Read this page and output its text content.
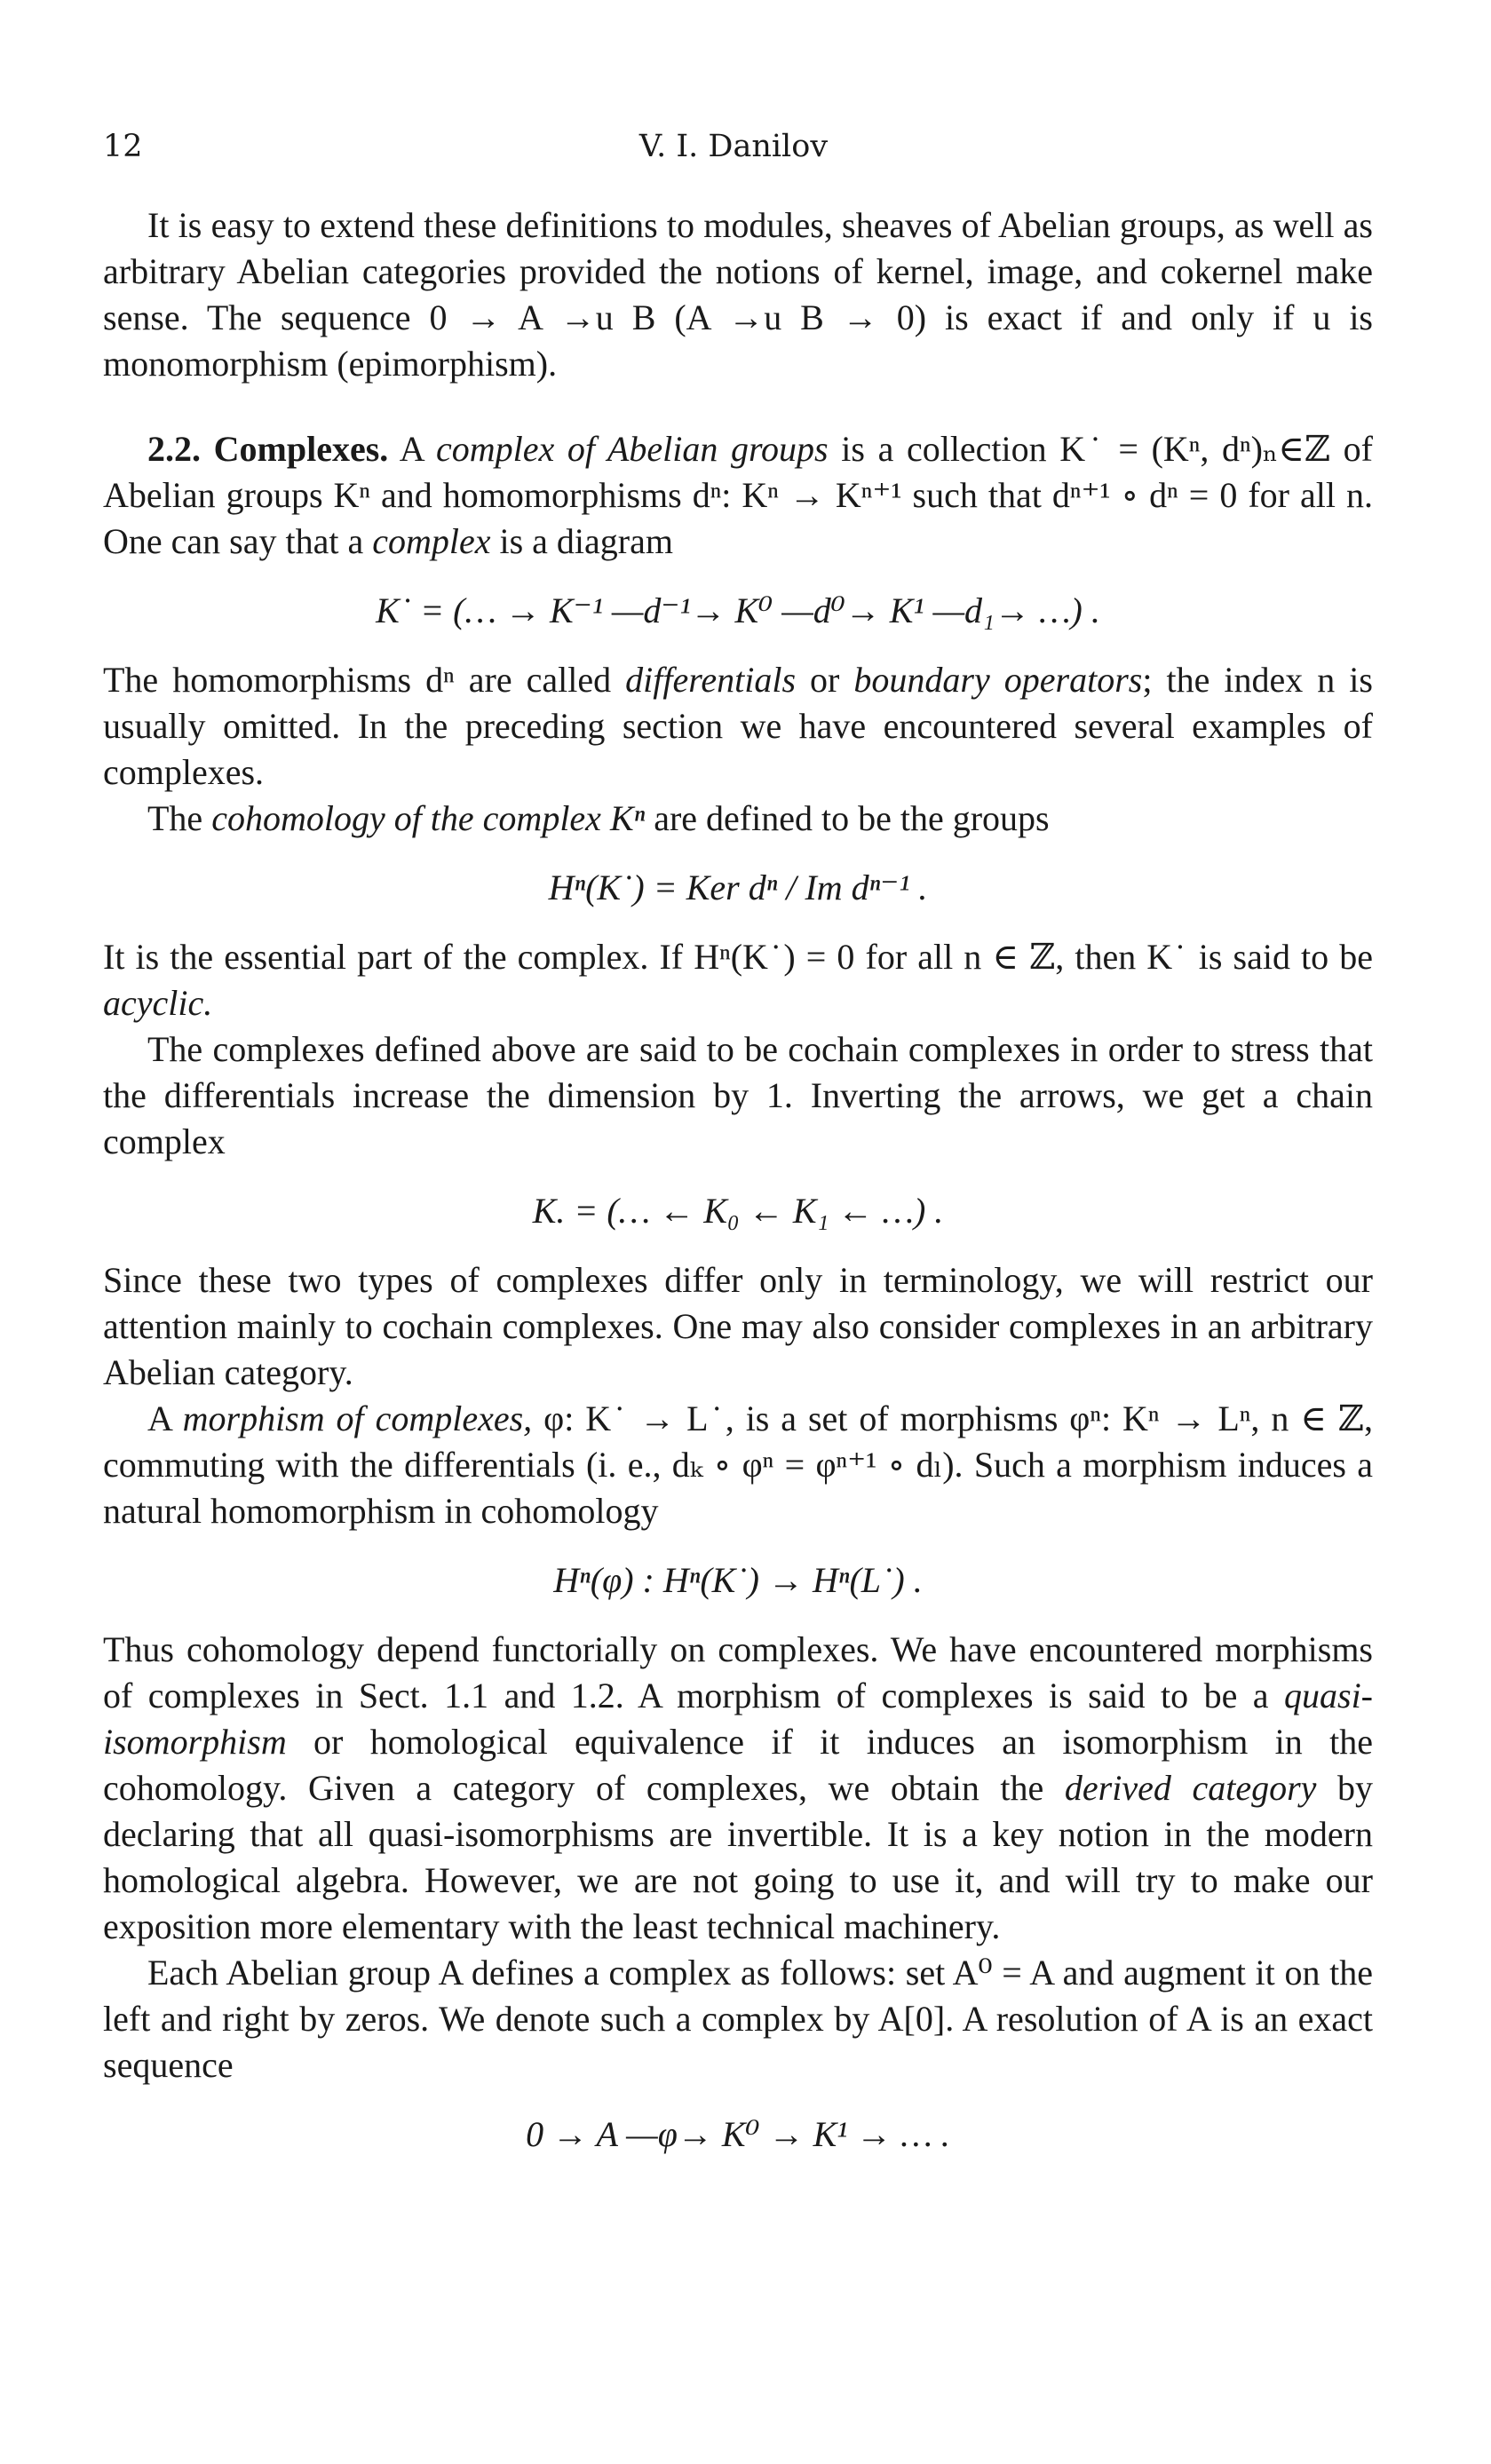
12	V. I. Danilov

It is easy to extend these definitions to modules, sheaves of Abelian groups, as well as arbitrary Abelian categories provided the notions of kernel, image, and cokernel make sense. The sequence 0 → A →u B (A →u B → 0) is exact if and only if u is monomorphism (epimorphism).

2.2. Complexes. A complex of Abelian groups is a collection K˙ = (Kⁿ, dⁿ)ₙ∈ℤ of Abelian groups Kⁿ and homomorphisms dⁿ: Kⁿ → Kⁿ⁺¹ such that dⁿ⁺¹ ∘ dⁿ = 0 for all n. One can say that a complex is a diagram

K˙ = (… → K⁻¹ —d⁻¹→ K⁰ —d⁰→ K¹ —d₁→ …) .

The homomorphisms dⁿ are called differentials or boundary operators; the index n is usually omitted. In the preceding section we have encountered several examples of complexes.

The cohomology of the complex Kⁿ are defined to be the groups

Hⁿ(K˙) = Ker dⁿ / Im dⁿ⁻¹ .

It is the essential part of the complex. If Hⁿ(K˙) = 0 for all n ∈ ℤ, then K˙ is said to be acyclic.

The complexes defined above are said to be cochain complexes in order to stress that the differentials increase the dimension by 1. Inverting the arrows, we get a chain complex

K. = (… ← K₀ ← K₁ ← …) .

Since these two types of complexes differ only in terminology, we will restrict our attention mainly to cochain complexes. One may also consider complexes in an arbitrary Abelian category.

A morphism of complexes, φ: K˙ → L˙, is a set of morphisms φⁿ: Kⁿ → Lⁿ, n ∈ ℤ, commuting with the differentials (i. e., dₖ ∘ φⁿ = φⁿ⁺¹ ∘ dₗ). Such a morphism induces a natural homomorphism in cohomology

Hⁿ(φ) : Hⁿ(K˙) → Hⁿ(L˙) .

Thus cohomology depend functorially on complexes. We have encountered morphisms of complexes in Sect. 1.1 and 1.2. A morphism of complexes is said to be a quasi-isomorphism or homological equivalence if it induces an isomorphism in the cohomology. Given a category of complexes, we obtain the derived category by declaring that all quasi-isomorphisms are invertible. It is a key notion in the modern homological algebra. However, we are not going to use it, and will try to make our exposition more elementary with the least technical machinery.

Each Abelian group A defines a complex as follows: set A⁰ = A and augment it on the left and right by zeros. We denote such a complex by A[0]. A resolution of A is an exact sequence

0 → A —φ→ K⁰ → K¹ → … .
